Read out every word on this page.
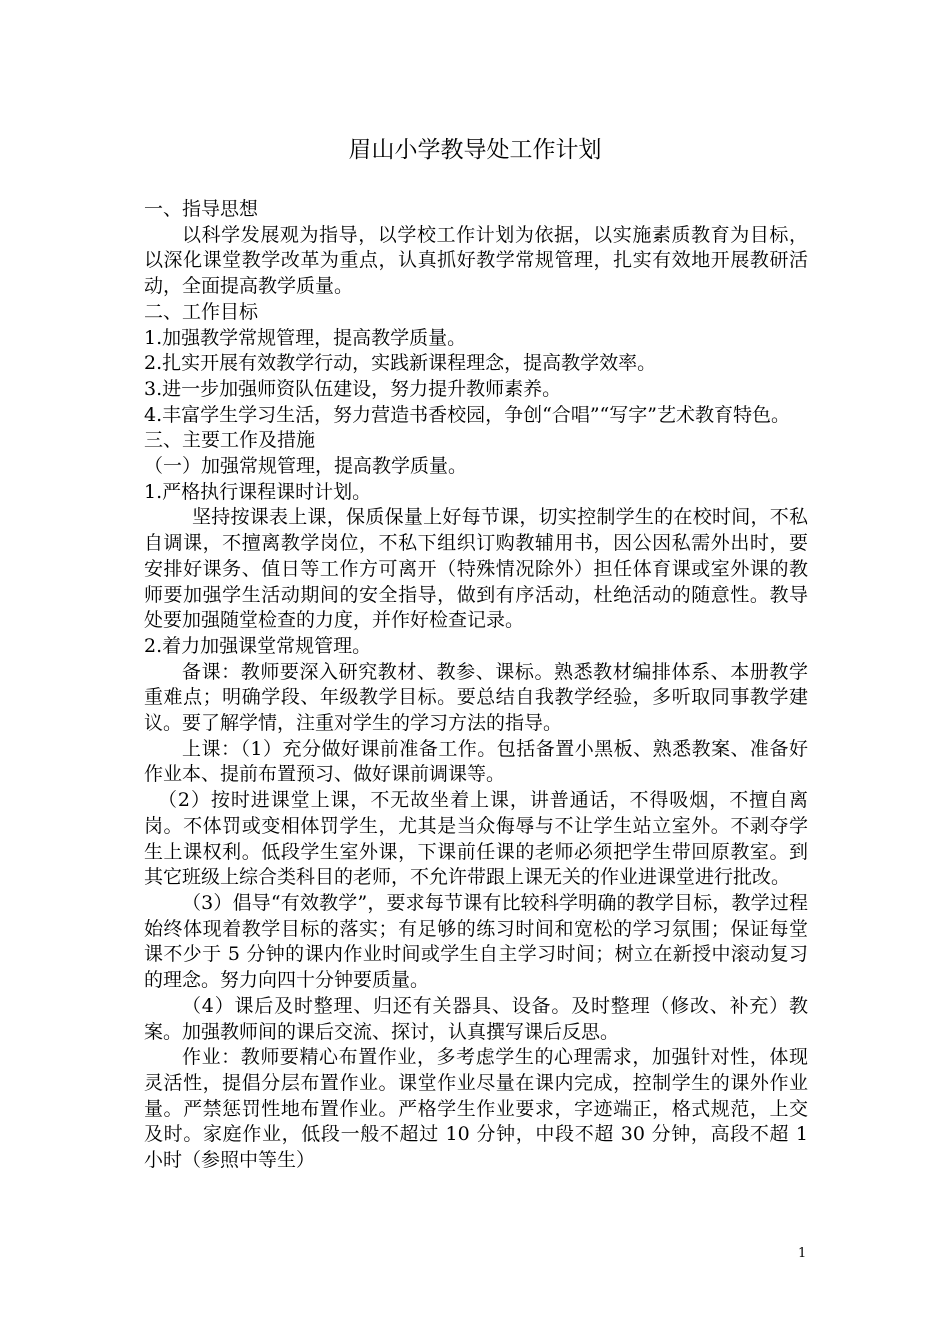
眉山小学教导处工作计划

一、指导思想

以科学发展观为指导，以学校工作计划为依据，以实施素质教育为目标，以深化课堂教学改革为重点，认真抓好教学常规管理，扎实有效地开展教研活动，全面提高教学质量。

二、工作目标

1.加强教学常规管理，提高教学质量。

2.扎实开展有效教学行动，实践新课程理念，提高教学效率。

3.进一步加强师资队伍建设，努力提升教师素养。

4.丰富学生学习生活，努力营造书香校园，争创“合唱”“写字”艺术教育特色。

三、主要工作及措施

（一）加强常规管理，提高教学质量。

1.严格执行课程课时计划。

坚持按课表上课，保质保量上好每节课，切实控制学生的在校时间，不私自调课，不擅离教学岗位，不私下组织订购教辅用书，因公因私需外出时，要安排好课务、值日等工作方可离开（特殊情况除外）担任体育课或室外课的教师要加强学生活动期间的安全指导，做到有序活动，杜绝活动的随意性。教导处要加强随堂检查的力度，并作好检查记录。

2.着力加强课堂常规管理。

备课：教师要深入研究教材、教参、课标。熟悉教材编排体系、本册教学重难点；明确学段、年级教学目标。要总结自我教学经验，多听取同事教学建议。要了解学情，注重对学生的学习方法的指导。

上课：（1）充分做好课前准备工作。包括备置小黑板、熟悉教案、准备好作业本、提前布置预习、做好课前调课等。

（2）按时进课堂上课，不无故坐着上课，讲普通话，不得吸烟，不擅自离岗。不体罚或变相体罚学生，尤其是当众侮辱与不让学生站立室外。不剥夺学生上课权利。低段学生室外课，下课前任课的老师必须把学生带回原教室。到其它班级上综合类科目的老师，不允许带跟上课无关的作业进课堂进行批改。

（3）倡导“有效教学”，要求每节课有比较科学明确的教学目标，教学过程始终体现着教学目标的落实；有足够的练习时间和宽松的学习氛围；保证每堂课不少于 5 分钟的课内作业时间或学生自主学习时间；树立在新授中滚动复习的理念。努力向四十分钟要质量。

（4）课后及时整理、归还有关器具、设备。及时整理（修改、补充）教案。加强教师间的课后交流、探讨，认真撰写课后反思。

作业：教师要精心布置作业，多考虑学生的心理需求，加强针对性，体现灵活性，提倡分层布置作业。课堂作业尽量在课内完成，控制学生的课外作业量。严禁惩罚性地布置作业。严格学生作业要求，字迹端正，格式规范，上交及时。家庭作业，低段一般不超过 10 分钟，中段不超 30 分钟，高段不超 1 小时（参照中等生）

1
